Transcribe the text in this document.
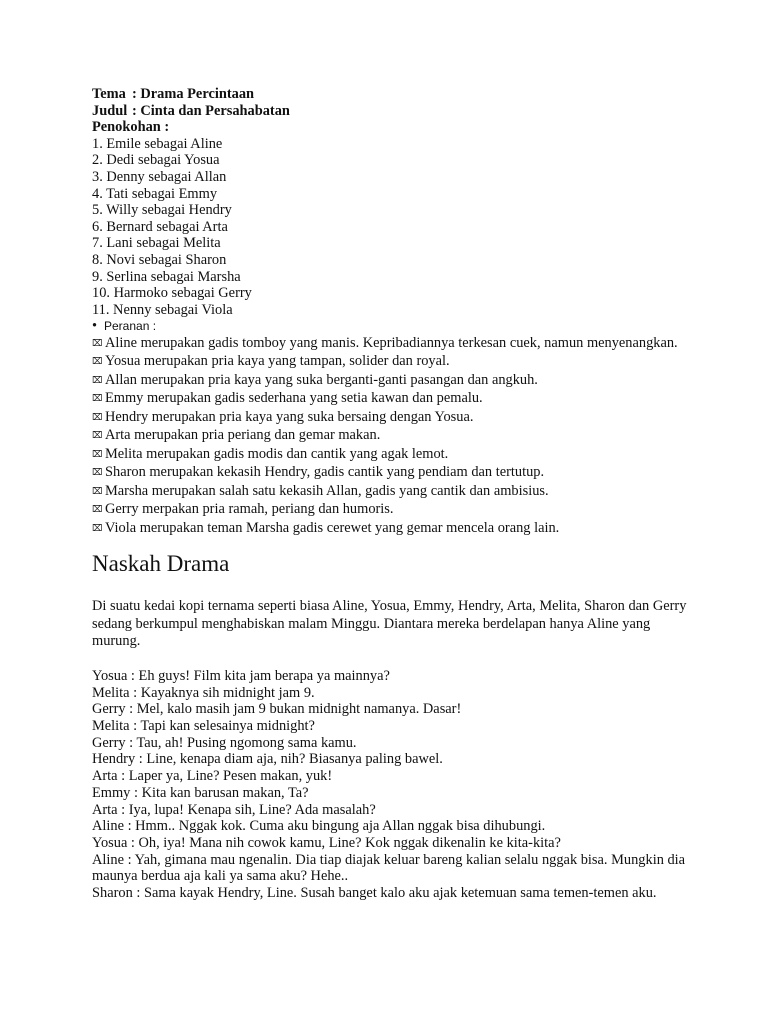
Tema : Drama Percintaan
Judul : Cinta dan Persahabatan
Penokohan :
1. Emile sebagai Aline
2. Dedi sebagai Yosua
3. Denny sebagai Allan
4. Tati sebagai Emmy
5. Willy sebagai Hendry
6. Bernard sebagai Arta
7. Lani sebagai Melita
8. Novi sebagai Sharon
9. Serlina sebagai Marsha
10. Harmoko sebagai Gerry
11. Nenny sebagai Viola
• Peranan :
⌧ Aline merupakan gadis tomboy yang manis. Kepribadiannya terkesan cuek, namun menyenangkan.
⌧ Yosua merupakan pria kaya yang tampan, solider dan royal.
⌧ Allan merupakan pria kaya yang suka berganti-ganti pasangan dan angkuh.
⌧ Emmy merupakan gadis sederhana yang setia kawan dan pemalu.
⌧ Hendry merupakan pria kaya yang suka bersaing dengan Yosua.
⌧ Arta merupakan pria periang dan gemar makan.
⌧ Melita merupakan gadis modis dan cantik yang agak lemot.
⌧ Sharon merupakan kekasih Hendry, gadis cantik yang pendiam dan tertutup.
⌧ Marsha merupakan salah satu kekasih Allan, gadis yang cantik dan ambisius.
⌧ Gerry merpakan pria ramah, periang dan humoris.
⌧ Viola merupakan teman Marsha gadis cerewet yang gemar mencela orang lain.
Naskah Drama

Di suatu kedai kopi ternama seperti biasa Aline, Yosua, Emmy, Hendry, Arta, Melita, Sharon dan Gerry sedang berkumpul menghabiskan malam Minggu. Diantara mereka berdelapan hanya Aline yang murung.

Yosua : Eh guys! Film kita jam berapa ya mainnya?
Melita : Kayaknya sih midnight jam 9.
Gerry : Mel, kalo masih jam 9 bukan midnight namanya. Dasar!
Melita : Tapi kan selesainya midnight?
Gerry : Tau, ah! Pusing ngomong sama kamu.
Hendry : Line, kenapa diam aja, nih? Biasanya paling bawel.
Arta : Laper ya, Line? Pesen makan, yuk!
Emmy : Kita kan barusan makan, Ta?
Arta : Iya, lupa! Kenapa sih, Line? Ada masalah?
Aline : Hmm.. Nggak kok. Cuma aku bingung aja Allan nggak bisa dihubungi.
Yosua : Oh, iya! Mana nih cowok kamu, Line? Kok nggak dikenalin ke kita-kita?
Aline : Yah, gimana mau ngenalin. Dia tiap diajak keluar bareng kalian selalu nggak bisa. Mungkin dia maunya berdua aja kali ya sama aku? Hehe..
Sharon : Sama kayak Hendry, Line. Susah banget kalo aku ajak ketemuan sama temen-temen aku.
